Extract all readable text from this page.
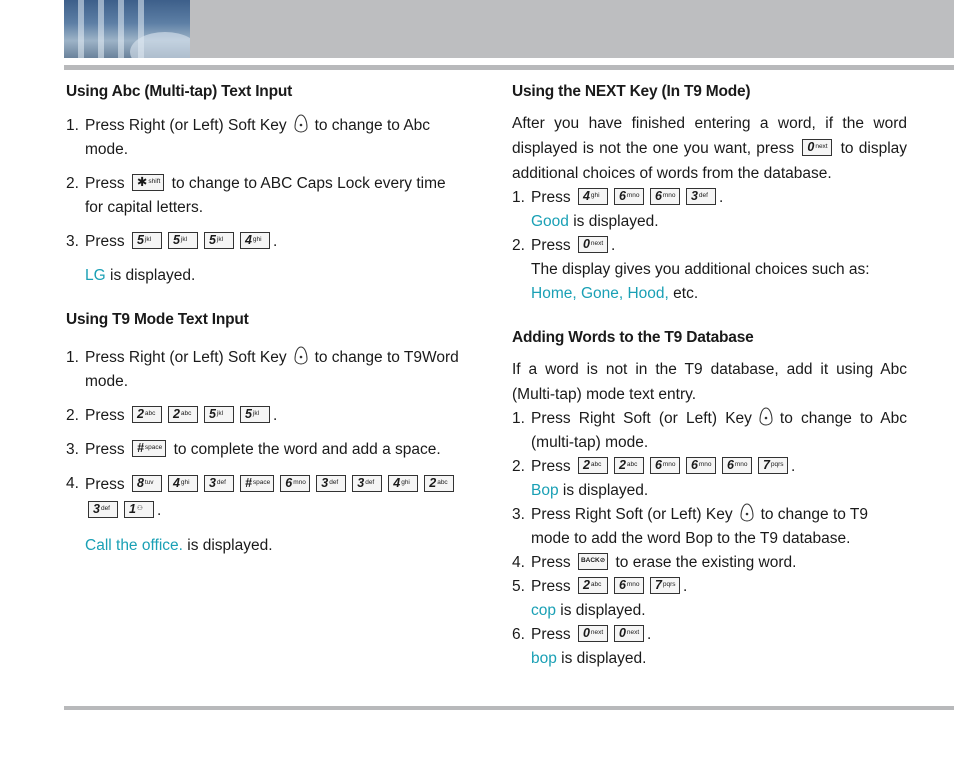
Using Abc (Multi-tap) Text Input
1. Press Right (or Left) Soft Key to change to Abc mode.
2. Press ✱$^{shift}$ to change to ABC Caps Lock every time for capital letters.
3. Press $5^{jkl}$ $5^{jkl}$ $5^{jkl}$ $4^{ghi}$ .

LG is displayed.

Using T9 Mode Text Input
1. Press Right (or Left) Soft Key to change to T9Word mode.
2. Press $2^{abc}$ $2^{abc}$ $5^{jkl}$ $5^{jkl}$ .
3. Press #$^{space}$ to complete the word and add a space.
4. Press $8^{tuv}$ $4^{ghi}$ $3^{def}$ #$^{space}$ $6^{mno}$ $3^{def}$ $3^{def}$ $4^{ghi}$ $2^{abc}$ $3^{def}$ 1⚇ .

Call the office. is displayed.

Using the NEXT Key (In T9 Mode)

After you have finished entering a word, if the word displayed is not the one you want, press $0^{next}$ to display additional choices of words from the database.

1. Press $4^{ghi}$ $6^{mno}$ $6^{mno}$ $3^{def}$ .

Good is displayed.

2. Press $0^{next}$ .

The display gives you additional choices such as:

Home, Gone, Hood, etc.

Adding Words to the T9 Database

If a word is not in the T9 database, add it using Abc (Multi-tap) mode text entry.

1. Press Right Soft (or Left) Key to change to Abc (multi-tap) mode.
2. Press $2^{abc}$ $2^{abc}$ $6^{mno}$ $6^{mno}$ $6^{mno}$ $7^{pqrs}$ .

Bop is displayed.

3. Press Right Soft (or Left) Key to change to T9 mode to add the word Bop to the T9 database.
4. Press BACK⊘ to erase the existing word.
5. Press $2^{abc}$ $6^{mno}$ $7^{pqrs}$ .

cop is displayed.

6. Press $0^{next}$ $0^{next}$ .

bop is displayed.
